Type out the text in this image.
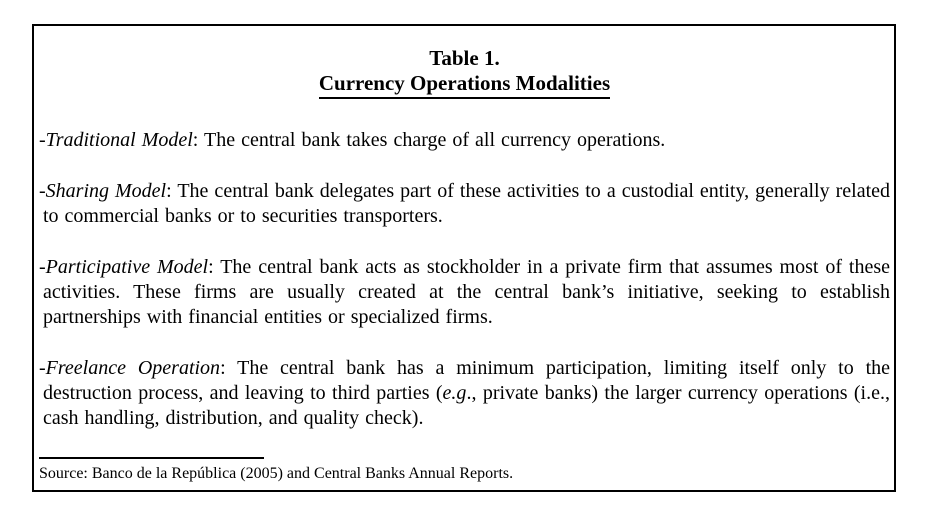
Table 1.
Currency Operations Modalities

-Traditional Model: The central bank takes charge of all currency operations.

-Sharing Model: The central bank delegates part of these activities to a custodial entity, generally related to commercial banks or to securities transporters.

-Participative Model: The central bank acts as stockholder in a private firm that assumes most of these activities. These firms are usually created at the central bank’s initiative, seeking to establish partnerships with financial entities or specialized firms.

-Freelance Operation: The central bank has a minimum participation, limiting itself only to the destruction process, and leaving to third parties (e.g., private banks) the larger currency operations (i.e., cash handling, distribution, and quality check).

Source: Banco de la República (2005) and Central Banks Annual Reports.
